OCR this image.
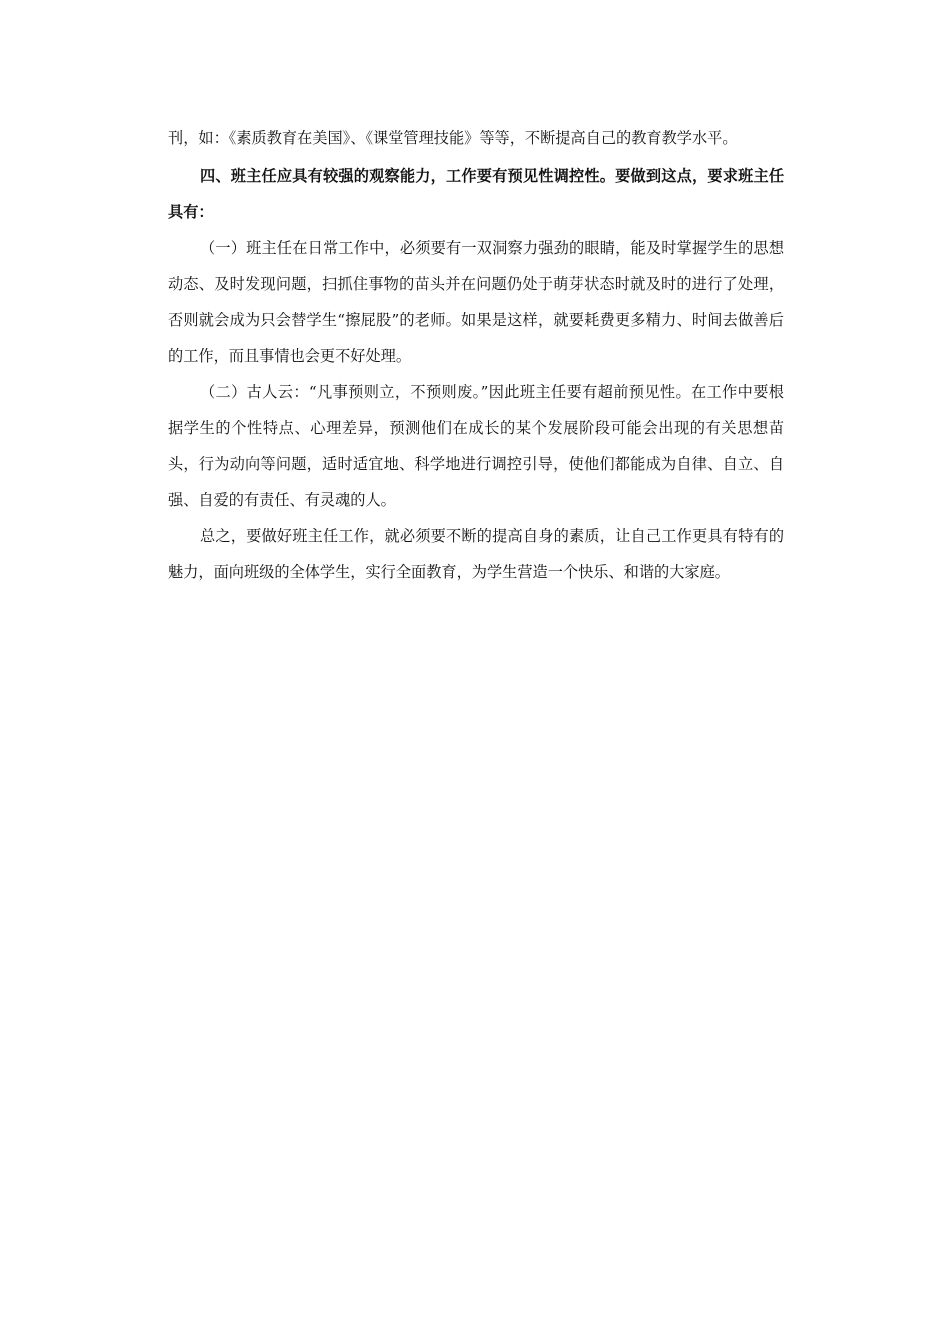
刊，如：《素质教育在美国》、《课堂管理技能》等等，不断提高自己的教育教学水平。

四、班主任应具有较强的观察能力，工作要有预见性调控性。要做到这点，要求班主任具有：

（一）班主任在日常工作中，必须要有一双洞察力强劲的眼睛，能及时掌握学生的思想动态、及时发现问题，扫抓住事物的苗头并在问题仍处于萌芽状态时就及时的进行了处理，否则就会成为只会替学生“擦屁股”的老师。如果是这样，就要耗费更多精力、时间去做善后的工作，而且事情也会更不好处理。

（二）古人云：“凡事预则立，不预则废。”因此班主任要有超前预见性。在工作中要根据学生的个性特点、心理差异，预测他们在成长的某个发展阶段可能会出现的有关思想苗头，行为动向等问题，适时适宜地、科学地进行调控引导，使他们都能成为自律、自立、自强、自爱的有责任、有灵魂的人。

总之，要做好班主任工作，就必须要不断的提高自身的素质，让自己工作更具有特有的魅力，面向班级的全体学生，实行全面教育，为学生营造一个快乐、和谐的大家庭。
